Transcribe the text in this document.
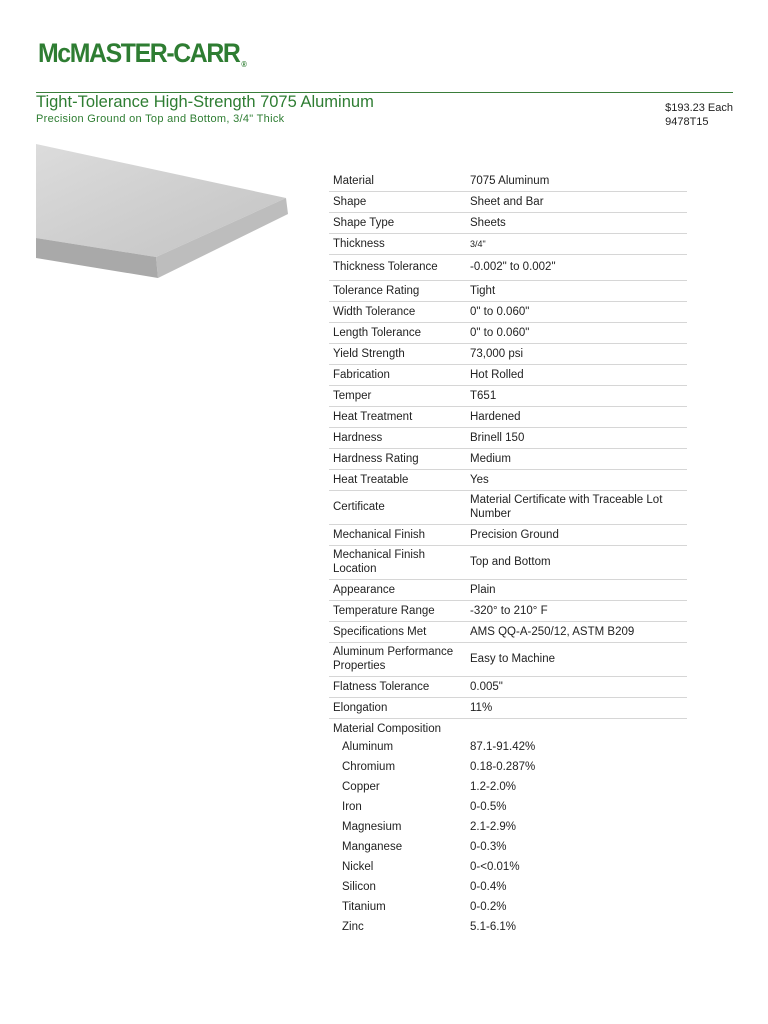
McMASTER-CARR ®
Tight-Tolerance High-Strength 7075 Aluminum
Precision Ground on Top and Bottom, 3/4" Thick
$193.23 Each
9478T15
Material	7075 Aluminum
Shape	Sheet and Bar
Shape Type	Sheets
Thickness	3/4"
Thickness Tolerance	-0.002" to 0.002"
Tolerance Rating	Tight
Width Tolerance	0" to 0.060"
Length Tolerance	0" to 0.060"
Yield Strength	73,000 psi
Fabrication	Hot Rolled
Temper	T651
Heat Treatment	Hardened
Hardness	Brinell 150
Hardness Rating	Medium
Heat Treatable	Yes
Certificate	Material Certificate with Traceable Lot Number
Mechanical Finish	Precision Ground
Mechanical Finish Location	Top and Bottom
Appearance	Plain
Temperature Range	-320° to 210° F
Specifications Met	AMS QQ-A-250/12, ASTM B209
Aluminum Performance Properties	Easy to Machine
Flatness Tolerance	0.005"
Elongation	11%
Material Composition	
Aluminum	87.1-91.42%
Chromium	0.18-0.287%
Copper	1.2-2.0%
Iron	0-0.5%
Magnesium	2.1-2.9%
Manganese	0-0.3%
Nickel	0-<0.01%
Silicon	0-0.4%
Titanium	0-0.2%
Zinc	5.1-6.1%
